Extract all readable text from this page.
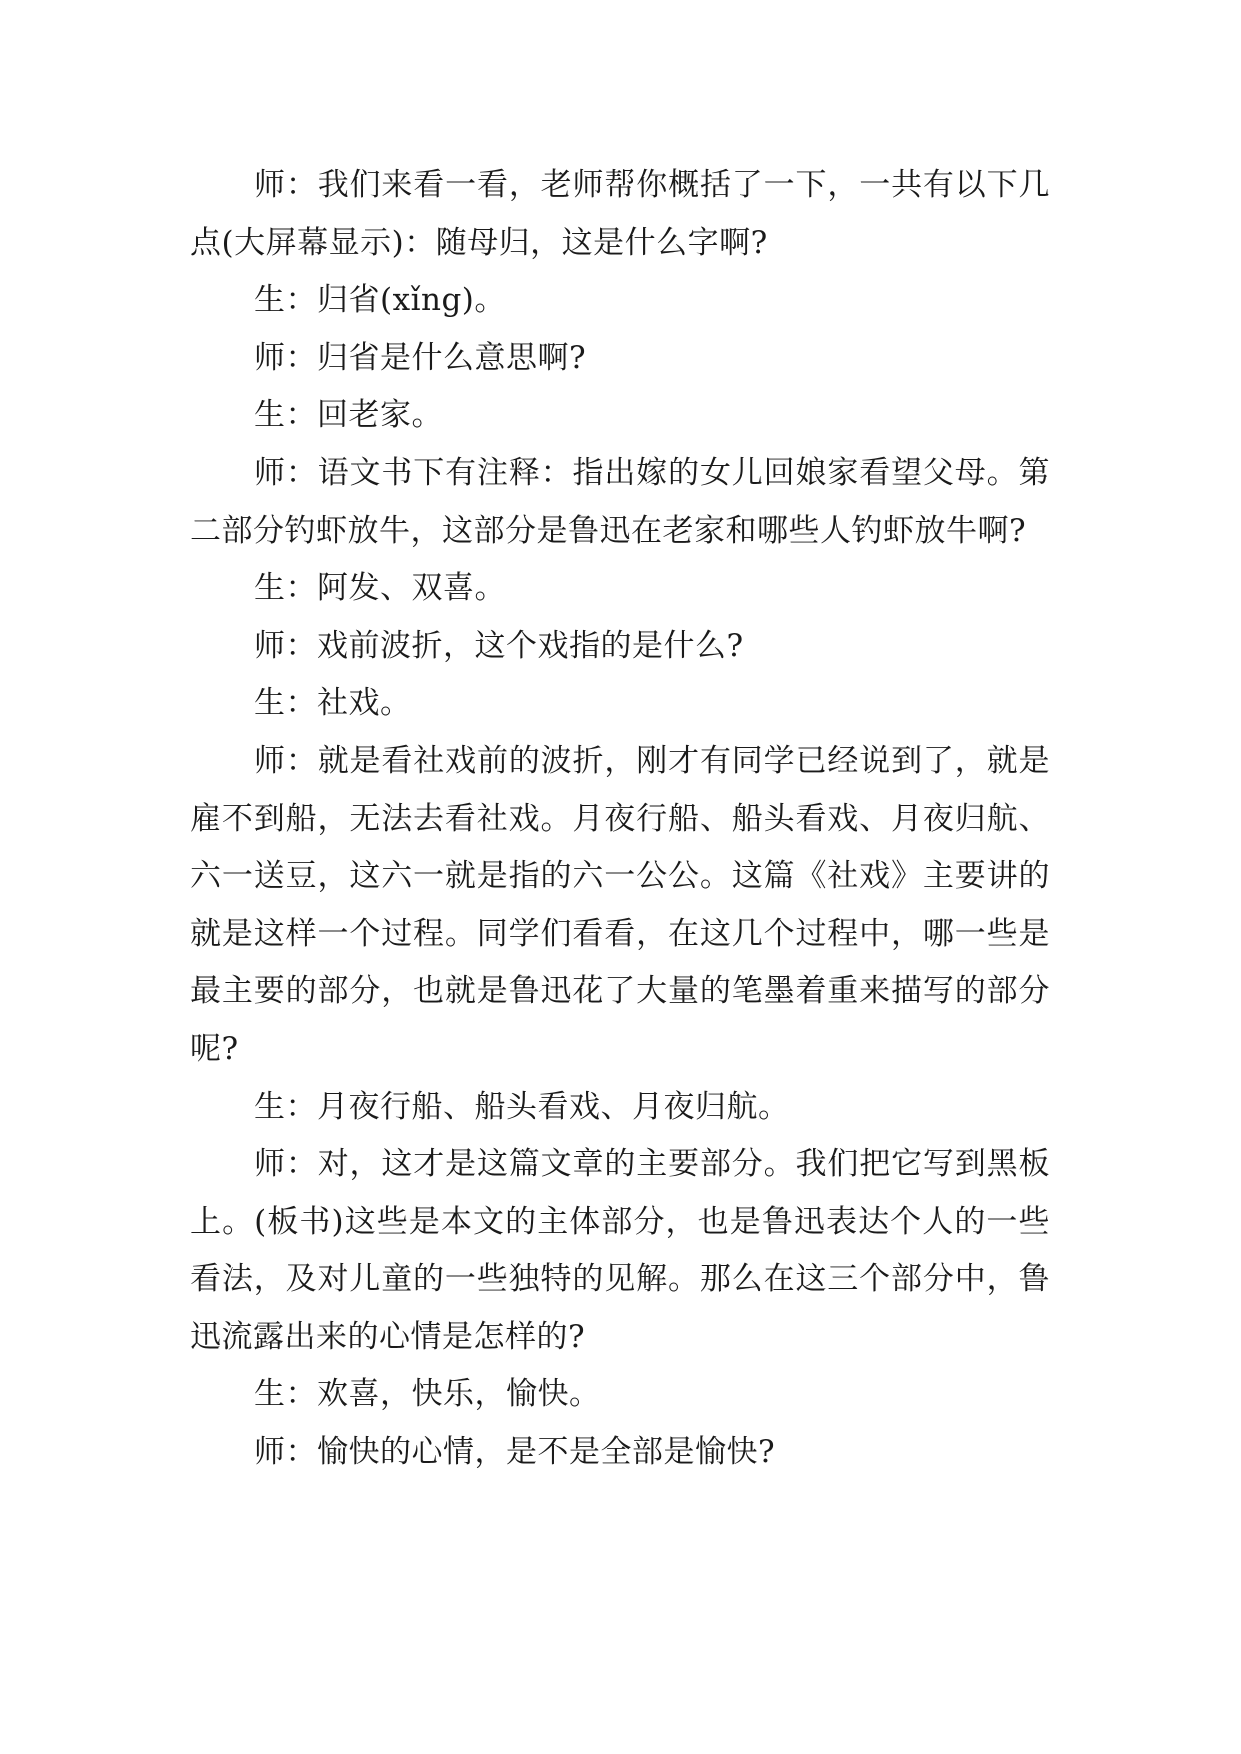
师：我们来看一看，老师帮你概括了一下，一共有以下几点(大屏幕显示)：随母归，这是什么字啊?

生：归省(xǐng)。

师：归省是什么意思啊?

生：回老家。

师：语文书下有注释：指出嫁的女儿回娘家看望父母。第二部分钓虾放牛，这部分是鲁迅在老家和哪些人钓虾放牛啊?

生：阿发、双喜。

师：戏前波折，这个戏指的是什么?

生：社戏。

师：就是看社戏前的波折，刚才有同学已经说到了，就是雇不到船，无法去看社戏。月夜行船、船头看戏、月夜归航、六一送豆，这六一就是指的六一公公。这篇《社戏》主要讲的就是这样一个过程。同学们看看，在这几个过程中，哪一些是最主要的部分，也就是鲁迅花了大量的笔墨着重来描写的部分呢?

生：月夜行船、船头看戏、月夜归航。

师：对，这才是这篇文章的主要部分。我们把它写到黑板上。(板书)这些是本文的主体部分，也是鲁迅表达个人的一些看法，及对儿童的一些独特的见解。那么在这三个部分中，鲁迅流露出来的心情是怎样的?

生：欢喜，快乐，愉快。

师：愉快的心情，是不是全部是愉快?
